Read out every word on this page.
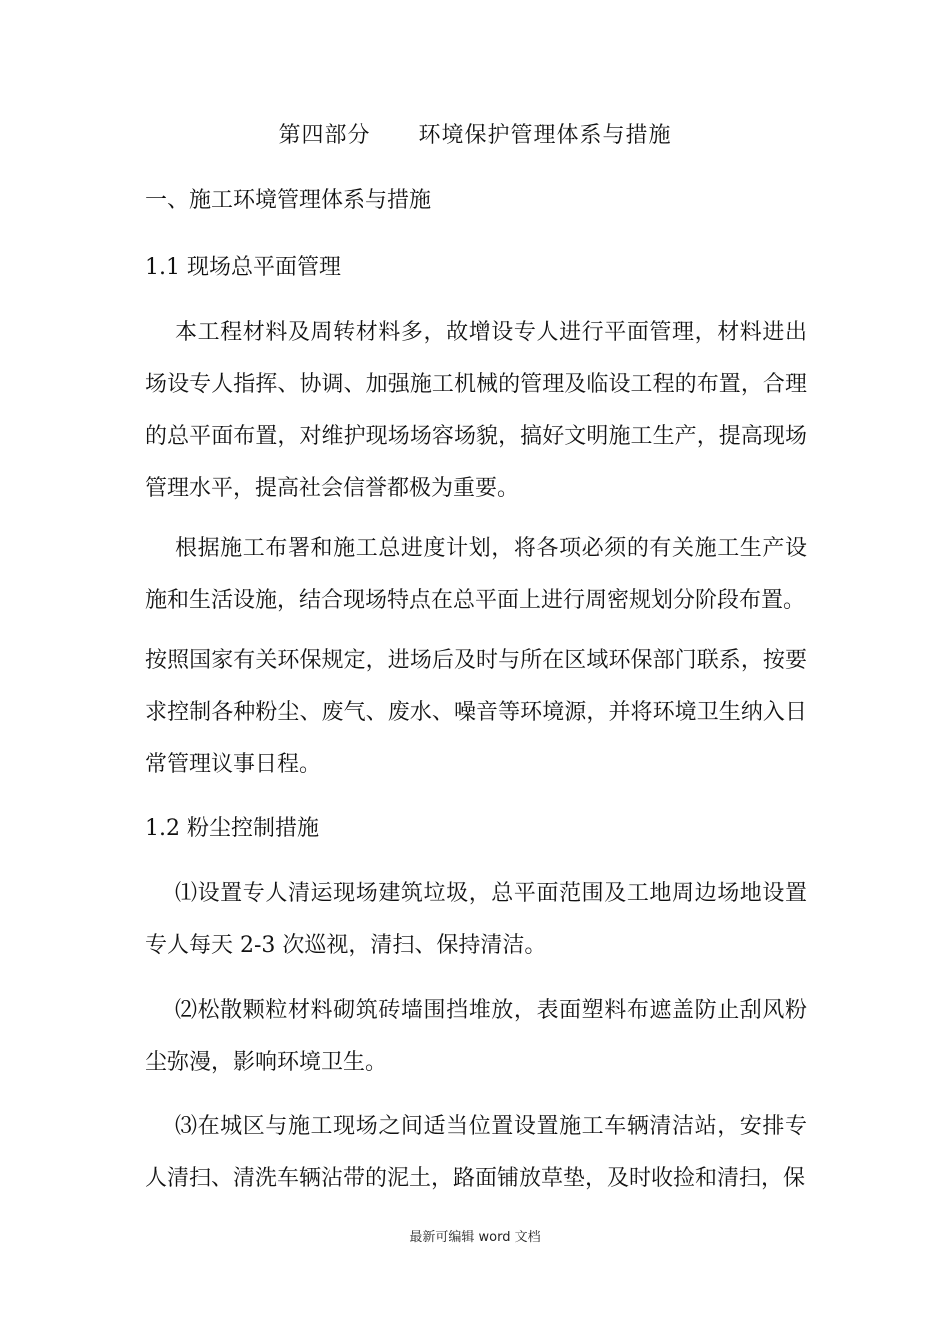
第四部分      环境保护管理体系与措施
一、施工环境管理体系与措施
1.1 现场总平面管理
本工程材料及周转材料多，故增设专人进行平面管理，材料进出场设专人指挥、协调、加强施工机械的管理及临设工程的布置，合理的总平面布置，对维护现场场容场貌，搞好文明施工生产，提高现场管理水平，提高社会信誉都极为重要。
根据施工布署和施工总进度计划，将各项必须的有关施工生产设施和生活设施，结合现场特点在总平面上进行周密规划分阶段布置。
按照国家有关环保规定，进场后及时与所在区域环保部门联系，按要求控制各种粉尘、废气、废水、噪音等环境源，并将环境卫生纳入日常管理议事日程。
1.2 粉尘控制措施
⑴设置专人清运现场建筑垃圾，总平面范围及工地周边场地设置专人每天 2-3 次巡视，清扫、保持清洁。
⑵松散颗粒材料砌筑砖墙围挡堆放，表面塑料布遮盖防止刮风粉尘弥漫，影响环境卫生。
⑶在城区与施工现场之间适当位置设置施工车辆清洁站，安排专人清扫、清洗车辆沾带的泥土，路面铺放草垫，及时收捡和清扫，保
最新可编辑 word 文档
